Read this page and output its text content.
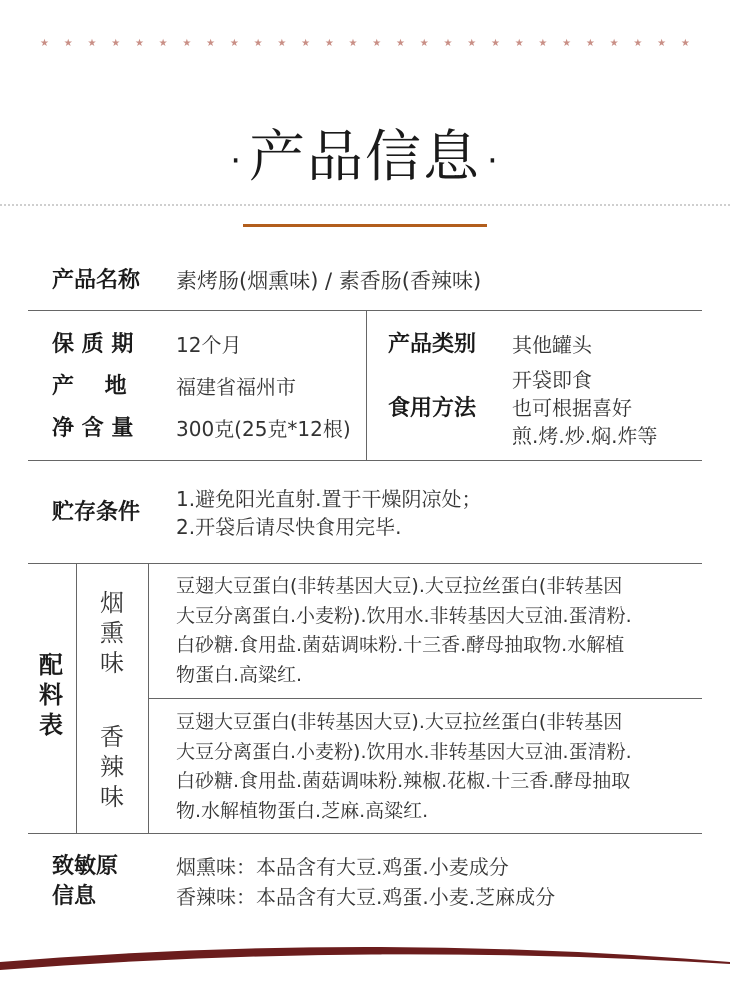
★ ★ ★ ★ ★ ★ ★ ★ ★ ★ ★ ★ ★ ★ ★ ★ ★ ★ ★ ★ ★ ★ ★ ★ ★ ★ ★ ★
· 产品信息 ·
产品名称 素烤肠(烟熏味) / 素香肠(香辣味)
保 质 期 12个月
产    地 福建省福州市
净 含 量 300克(25克*12根)
产品类别 其他罐头
食用方法
开袋即食
也可根据喜好
煎.烤.炒.焖.炸等
贮存条件
1.避免阳光直射.置于干燥阴凉处；
2.开袋后请尽快食用完毕.
配料表
烟熏味
豆翅大豆蛋白(非转基因大豆).大豆拉丝蛋白(非转基因
大豆分离蛋白.小麦粉).饮用水.非转基因大豆油.蛋清粉.
白砂糖.食用盐.菌菇调味粉.十三香.酵母抽取物.水解植
物蛋白.高粱红.
香辣味
豆翅大豆蛋白(非转基因大豆).大豆拉丝蛋白(非转基因
大豆分离蛋白.小麦粉).饮用水.非转基因大豆油.蛋清粉.
白砂糖.食用盐.菌菇调味粉.辣椒.花椒.十三香.酵母抽取
物.水解植物蛋白.芝麻.高粱红.
致敏原
信息
烟熏味：本品含有大豆.鸡蛋.小麦成分
香辣味：本品含有大豆.鸡蛋.小麦.芝麻成分
